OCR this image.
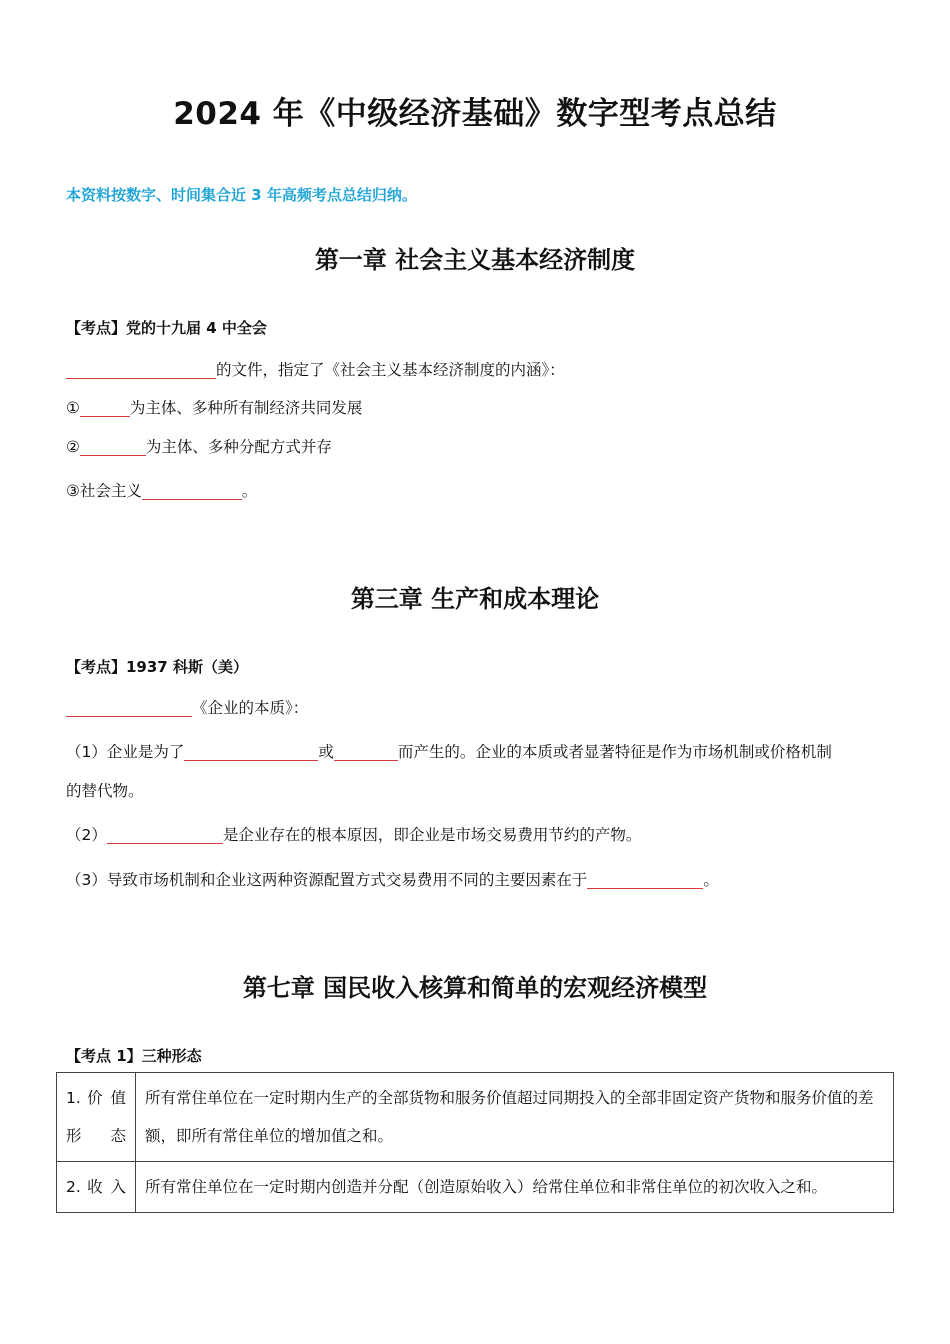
2024 年《中级经济基础》数字型考点总结
本资料按数字、时间集合近 3 年高频考点总结归纳。
第一章 社会主义基本经济制度
【考点】党的十九届 4 中全会
的文件，指定了《社会主义基本经济制度的内涵》：
①	为主体、多种所有制经济共同发展
②	为主体、多种分配方式并存
③社会主义	。
第三章 生产和成本理论
【考点】1937 科斯（美）
《企业的本质》：
（1）企业是为了	或	而产生的。企业的本质或者显著特征是作为市场机制或价格机制
的替代物。
（2）	是企业存在的根本原因，即企业是市场交易费用节约的产物。
（3）导致市场机制和企业这两种资源配置方式交易费用不同的主要因素在于	。
第七章 国民收入核算和简单的宏观经济模型
【考点 1】三种形态
1. 价 值 形态	所有常住单位在一定时期内生产的全部货物和服务价值超过同期投入的全部非固定资产货物和服务价值的差额，即所有常住单位的增加值之和。
2. 收 入	所有常住单位在一定时期内创造并分配（创造原始收入）给常住单位和非常住单位的初次收入之和。
